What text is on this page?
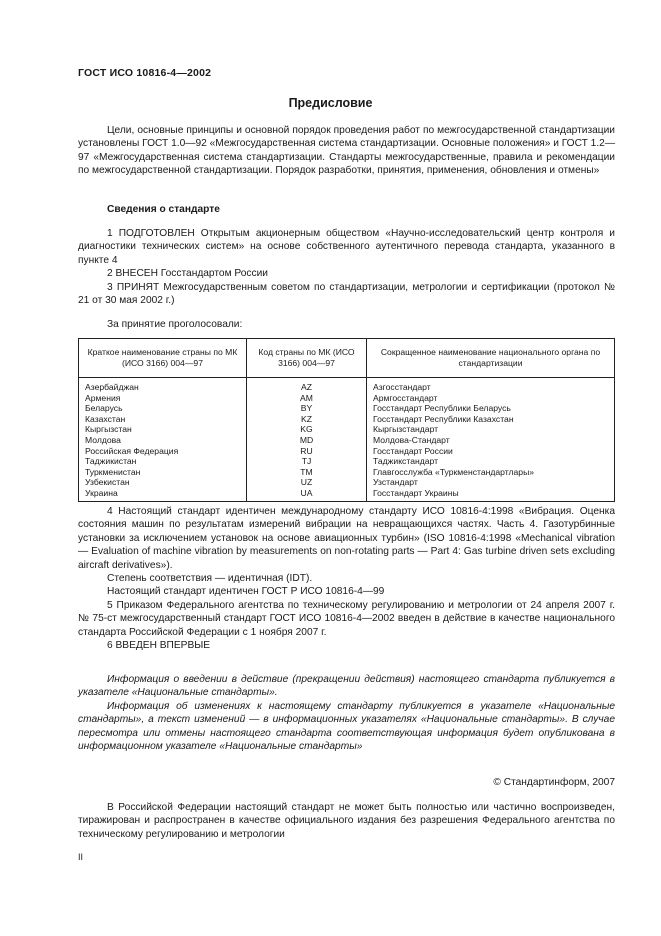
ГОСТ ИСО 10816-4—2002
Предисловие

Цели, основные принципы и основной порядок проведения работ по межгосударственной стандартизации установлены ГОСТ 1.0—92 «Межгосударственная система стандартизации. Основные положения» и ГОСТ 1.2—97 «Межгосударственная система стандартизации. Стандарты межгосударственные, правила и рекомендации по межгосударственной стандартизации. Порядок разработки, принятия, применения, обновления и отмены»

Сведения о стандарте

1 ПОДГОТОВЛЕН Открытым акционерным обществом «Научно-исследовательский центр контроля и диагностики технических систем» на основе собственного аутентичного перевода стандарта, указанного в пункте 4

2 ВНЕСЕН Госстандартом России

3 ПРИНЯТ Межгосударственным советом по стандартизации, метрологии и сертификации (протокол № 21 от 30 мая 2002 г.)

За принятие проголосовали:

Краткое наименование страны по МК (ИСО 3166) 004—97	Код страны по МК (ИСО 3166) 004—97	Сокращенное наименование национального органа по стандартизации
Азербайджан	AZ	Азгосстандарт
Армения	AM	Армгосстандарт
Беларусь	BY	Госстандарт Республики Беларусь
Казахстан	KZ	Госстандарт Республики Казахстан
Кыргызстан	KG	Кыргызстандарт
Молдова	MD	Молдова-Стандарт
Российская Федерация	RU	Госстандарт России
Таджикистан	TJ	Таджикстандарт
Туркменистан	TM	Главгосслужба «Туркменстандартлары»
Узбекистан	UZ	Узстандарт
Украина	UA	Госстандарт Украины

4 Настоящий стандарт идентичен международному стандарту ИСО 10816-4:1998 «Вибрация. Оценка состояния машин по результатам измерений вибрации на невращающихся частях. Часть 4. Газотурбинные установки за исключением установок на основе авиационных турбин» (ISO 10816-4:1998 «Mechanical vibration — Evaluation of machine vibration by measurements on non-rotating parts — Part 4: Gas turbine driven sets excluding aircraft derivatives»).

Степень соответствия — идентичная (IDT).

Настоящий стандарт идентичен ГОСТ Р ИСО 10816-4—99

5 Приказом Федерального агентства по техническому регулированию и метрологии от 24 апреля 2007 г. № 75-ст межгосударственный стандарт ГОСТ ИСО 10816-4—2002 введен в действие в качестве национального стандарта Российской Федерации с 1 ноября 2007 г.

6 ВВЕДЕН ВПЕРВЫЕ

Информация о введении в действие (прекращении действия) настоящего стандарта публикуется в указателе «Национальные стандарты».

Информация об изменениях к настоящему стандарту публикуется в указателе «Национальные стандарты», а текст изменений — в информационных указателях «Национальные стандарты». В случае пересмотра или отмены настоящего стандарта соответствующая информация будет опубликована в информационном указателе «Национальные стандарты»

© Стандартинформ, 2007

В Российской Федерации настоящий стандарт не может быть полностью или частично воспроизведен, тиражирован и распространен в качестве официального издания без разрешения Федерального агентства по техническому регулированию и метрологии

II
